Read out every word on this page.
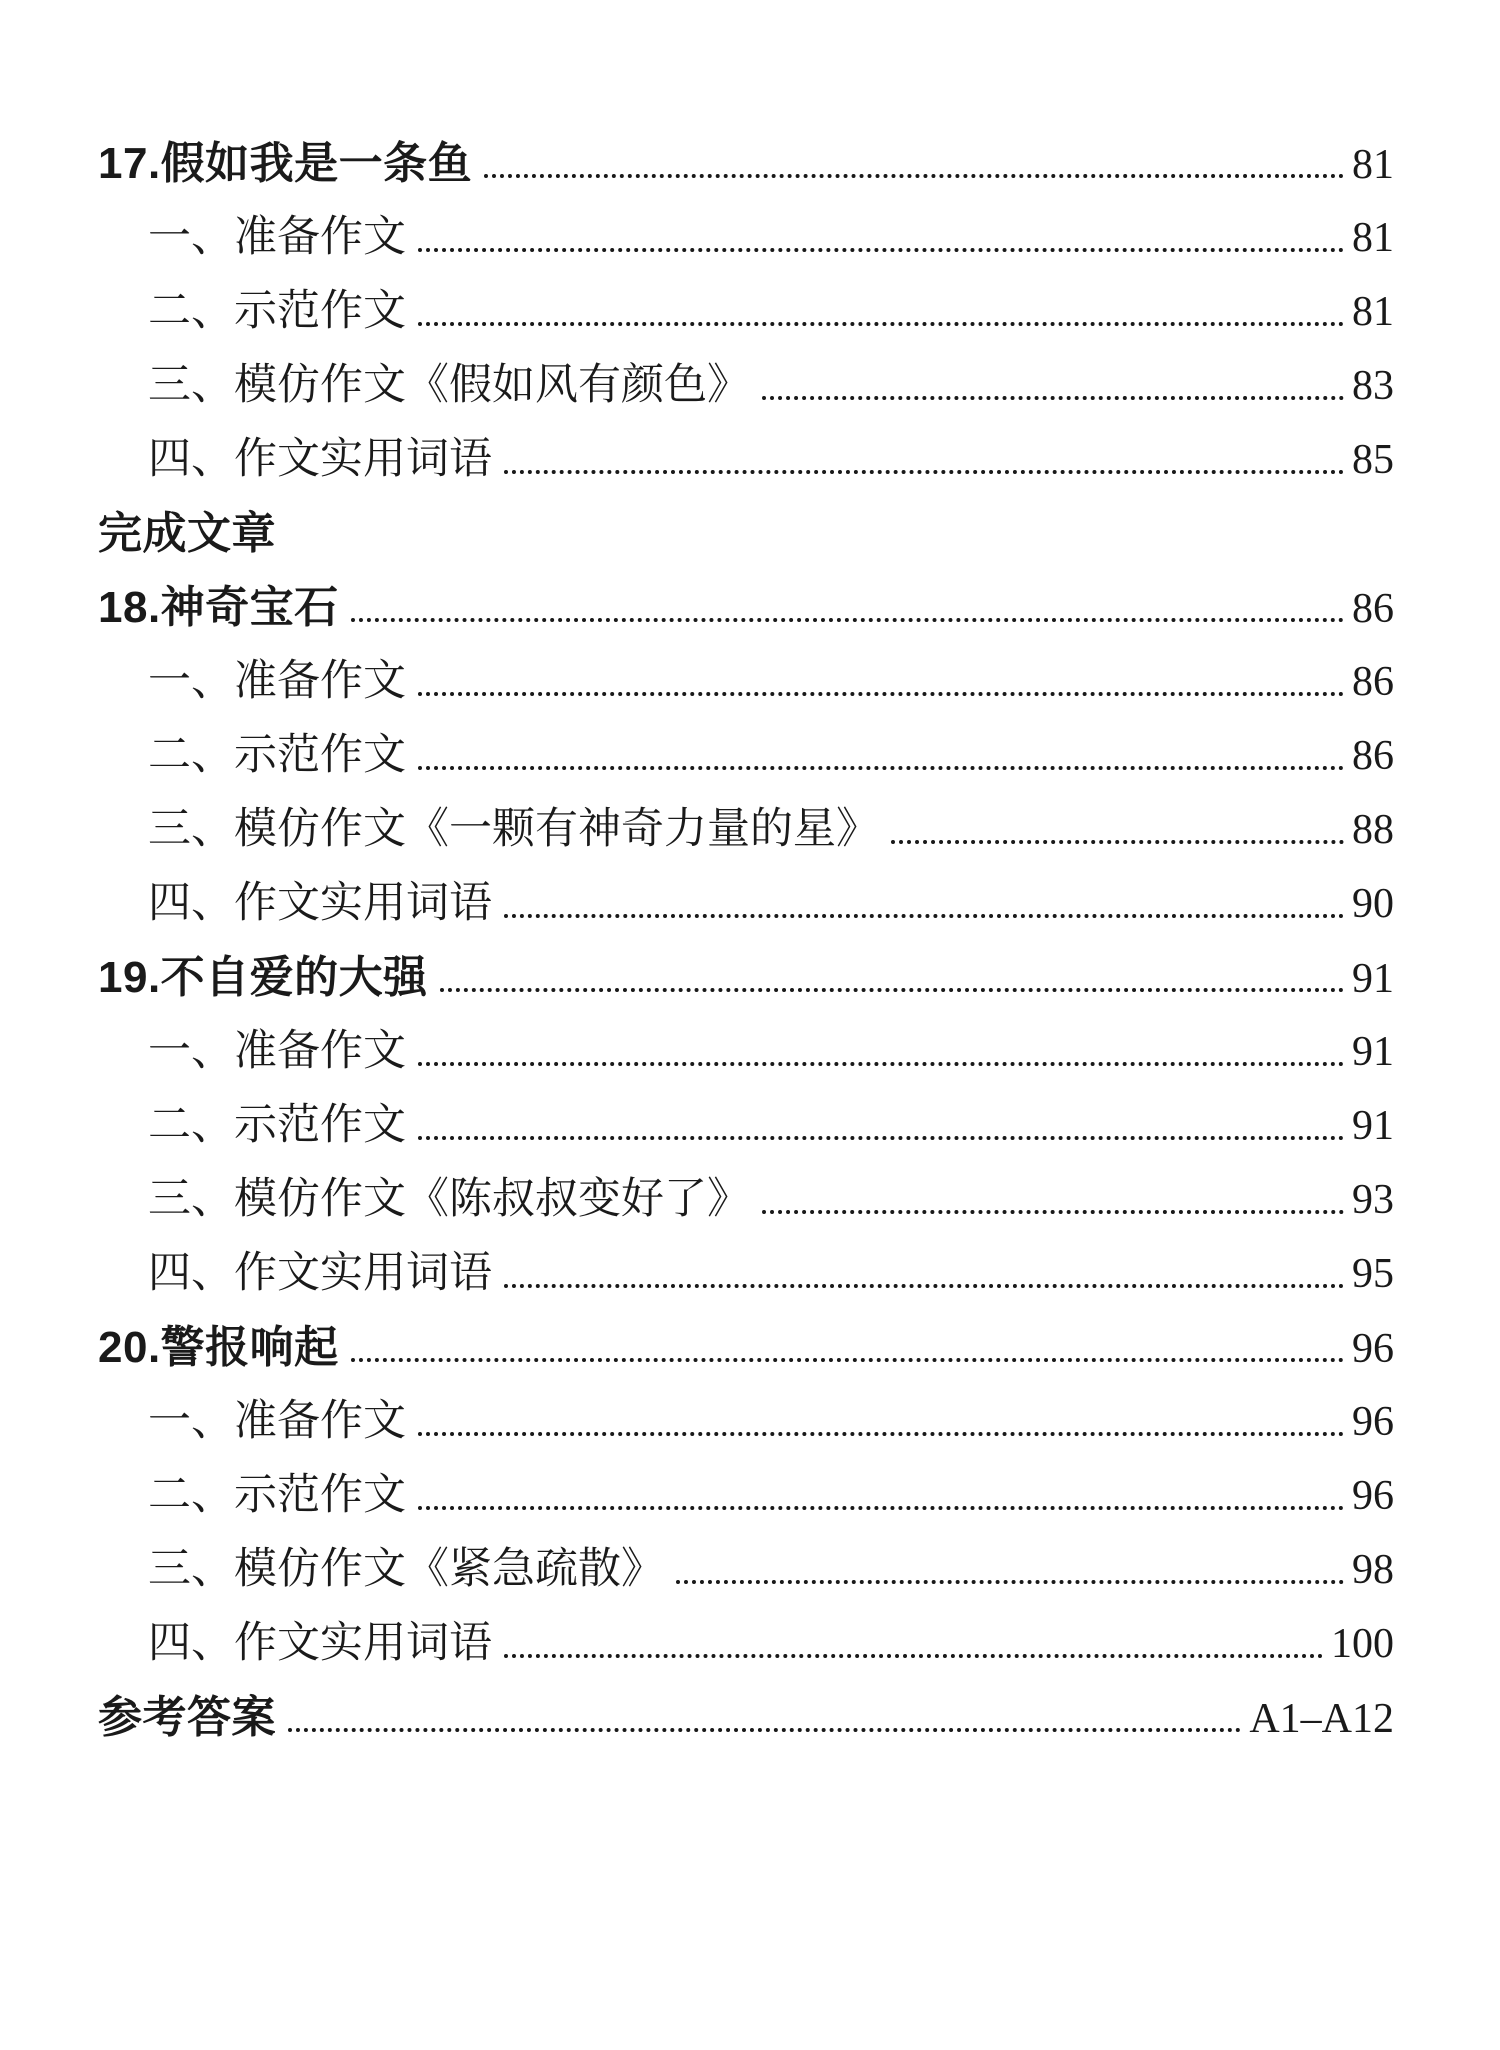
17.假如我是一条鱼	81
一、准备作文	81
二、示范作文	81
三、模仿作文《假如风有颜色》	83
四、作文实用词语	85
完成文章
18.神奇宝石	86
一、准备作文	86
二、示范作文	86
三、模仿作文《一颗有神奇力量的星》	88
四、作文实用词语	90
19.不自爱的大强	91
一、准备作文	91
二、示范作文	91
三、模仿作文《陈叔叔变好了》	93
四、作文实用词语	95
20.警报响起	96
一、准备作文	96
二、示范作文	96
三、模仿作文《紧急疏散》	98
四、作文实用词语	100
参考答案	A1–A12
